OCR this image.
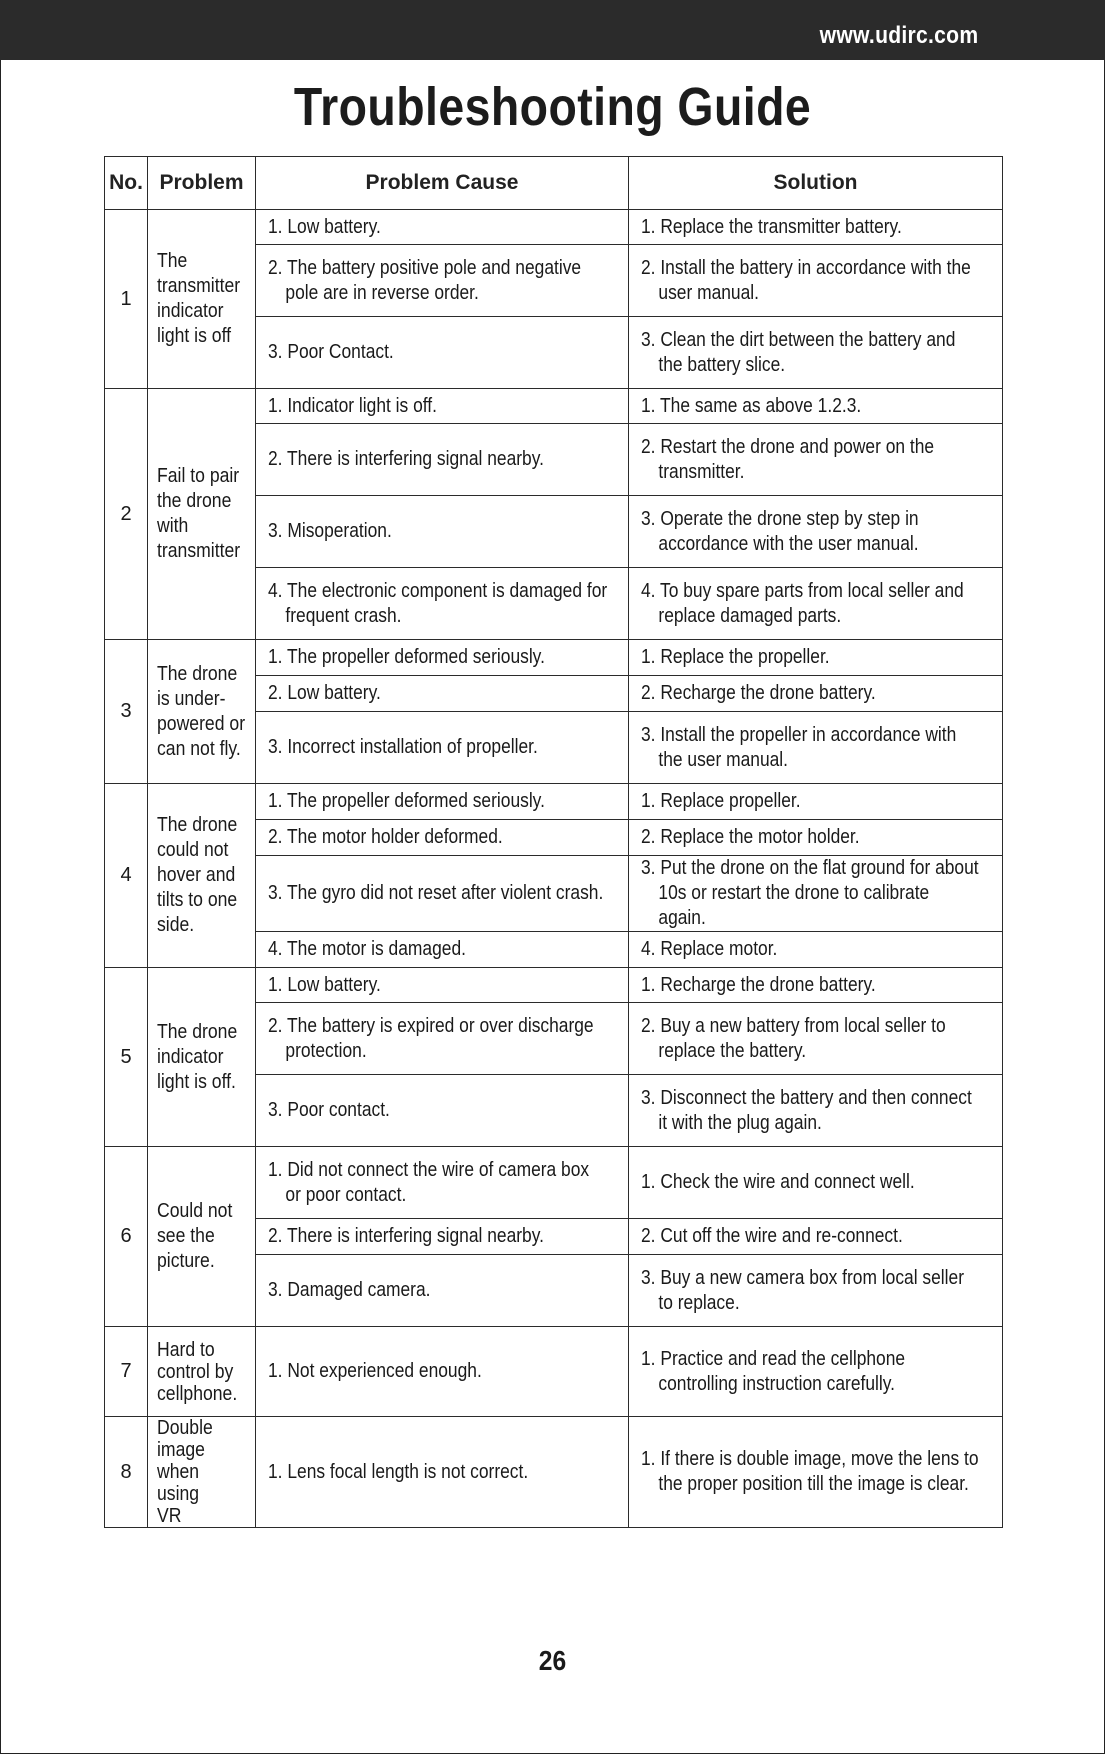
www.udirc.com
Troubleshooting Guide
No.	Problem	Problem Cause	Solution
1	The transmitter indicator light is off	1. Low battery.	1. Replace the transmitter battery.

		2. The battery positive pole and negative pole are in reverse order.	2. Install the battery in accordance with the user manual.

		3. Poor Contact.	3. Clean the dirt between the battery and the battery slice.

2	Fail to pair the drone with transmitter	1. Indicator light is off.	1. The same as above 1.2.3.

		2. There is interfering signal nearby.	2. Restart the drone and power on the transmitter.

		3. Misoperation.	3. Operate the drone step by step in accordance with the user manual.

		4. The electronic component is damaged for frequent crash.	4. To buy spare parts from local seller and replace damaged parts.

3	The drone is under-powered or can not fly.	1. The propeller deformed seriously.	1. Replace the propeller.

		2. Low battery.	2. Recharge the drone battery.

		3. Incorrect installation of propeller.	3. Install the propeller in accordance with the user manual.

4	The drone could not hover and tilts to one side.	1. The propeller deformed seriously.	1. Replace propeller.

		2. The motor holder deformed.	2. Replace the motor holder.

		3. The gyro did not reset after violent crash.	3. Put the drone on the flat ground for about 10s or restart the drone to calibrate again.

		4. The motor is damaged.	4. Replace motor.

5	The drone indicator light is off.	1. Low battery.	1. Recharge the drone battery.

		2. The battery is expired or over discharge protection.	2. Buy a new battery from local seller to replace the battery.

		3. Poor contact.	3. Disconnect the battery and then connect it with the plug again.

6	Could not see the picture.	1. Did not connect the wire of camera box or poor contact.	1. Check the wire and connect well.

		2. There is interfering signal nearby.	2. Cut off the wire and re-connect.

		3. Damaged camera.	3. Buy a new camera box from local seller to replace.

7	Hard to control by cellphone.	1. Not experienced enough.	1. Practice and read the cellphone controlling instruction carefully.

8	Double image when using VR	1. Lens focal length is not correct.	1. If there is double image, move the lens to the proper position till the image is clear.
26
